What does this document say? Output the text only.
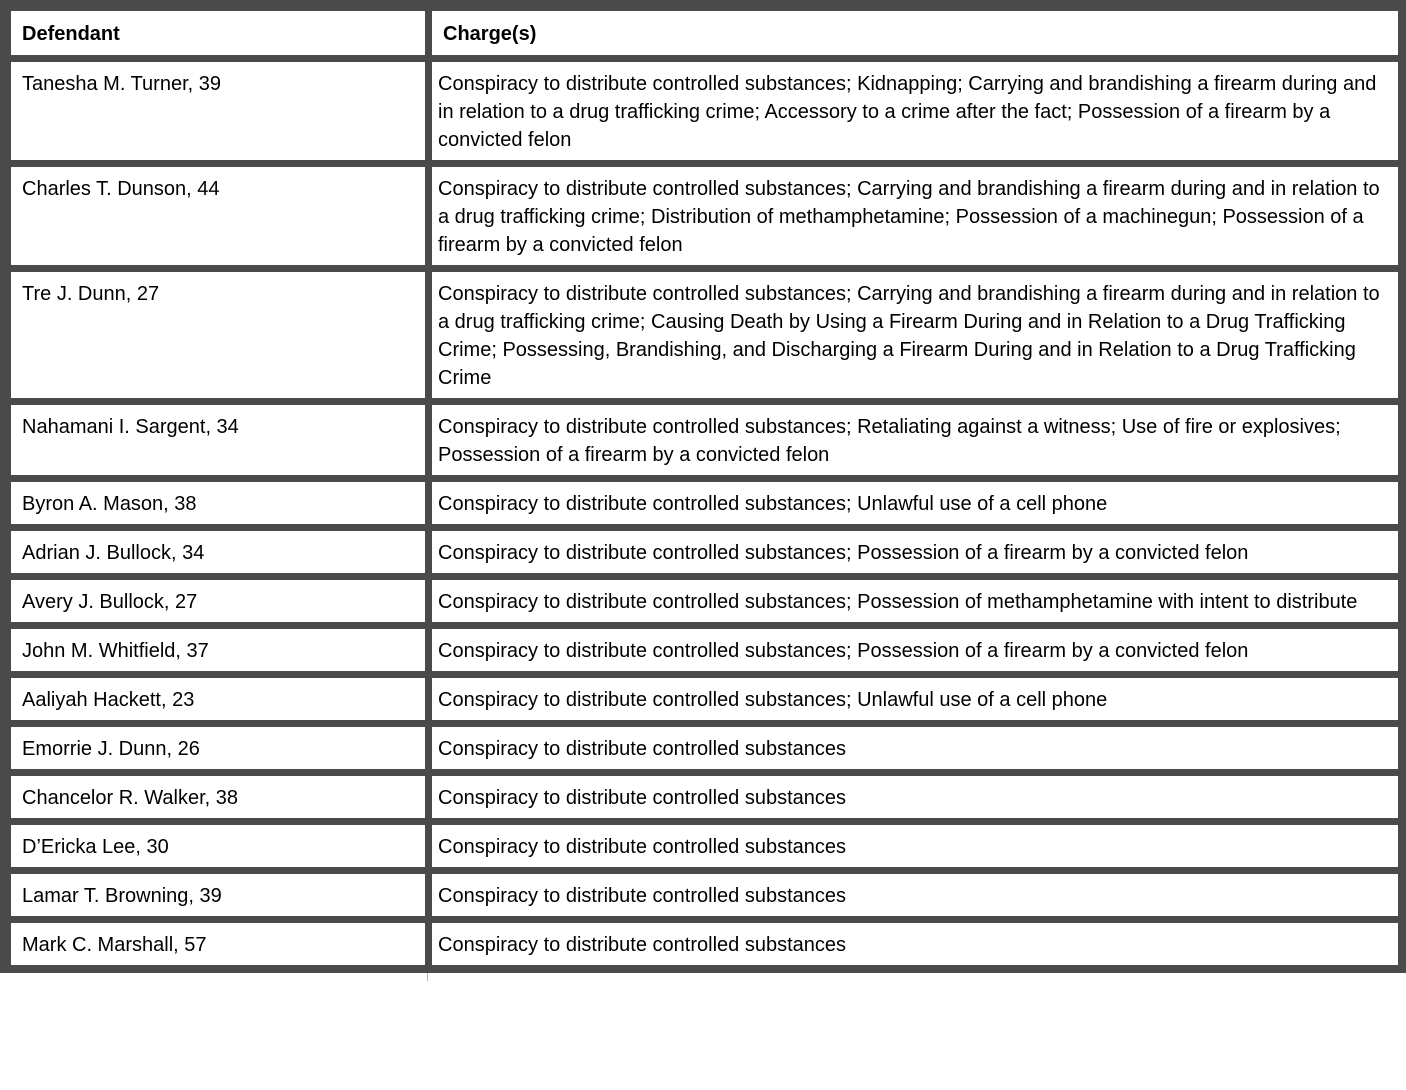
Defendant	Charge(s)
Tanesha M. Turner, 39	Conspiracy to distribute controlled substances; Kidnapping; Carrying and brandishing a firearm during and in relation to a drug trafficking crime; Accessory to a crime after the fact; Possession of a firearm by a convicted felon
Charles T. Dunson, 44	Conspiracy to distribute controlled substances; Carrying and brandishing a firearm during and in relation to a drug trafficking crime; Distribution of methamphetamine; Possession of a machinegun; Possession of a firearm by a convicted felon
Tre J. Dunn, 27	Conspiracy to distribute controlled substances; Carrying and brandishing a firearm during and in relation to a drug trafficking crime; Causing Death by Using a Firearm During and in Relation to a Drug Trafficking Crime; Possessing, Brandishing, and Discharging a Firearm During and in Relation to a Drug Trafficking Crime
Nahamani I. Sargent, 34	Conspiracy to distribute controlled substances; Retaliating against a witness; Use of fire or explosives; Possession of a firearm by a convicted felon
Byron A. Mason, 38	Conspiracy to distribute controlled substances; Unlawful use of a cell phone
Adrian J. Bullock, 34	Conspiracy to distribute controlled substances; Possession of a firearm by a convicted felon
Avery J. Bullock, 27	Conspiracy to distribute controlled substances; Possession of methamphetamine with intent to distribute
John M. Whitfield, 37	Conspiracy to distribute controlled substances; Possession of a firearm by a convicted felon
Aaliyah Hackett, 23	Conspiracy to distribute controlled substances; Unlawful use of a cell phone
Emorrie J. Dunn, 26	Conspiracy to distribute controlled substances
Chancelor R. Walker, 38	Conspiracy to distribute controlled substances
D’Ericka Lee, 30	Conspiracy to distribute controlled substances
Lamar T. Browning, 39	Conspiracy to distribute controlled substances
Mark C. Marshall, 57	Conspiracy to distribute controlled substances
